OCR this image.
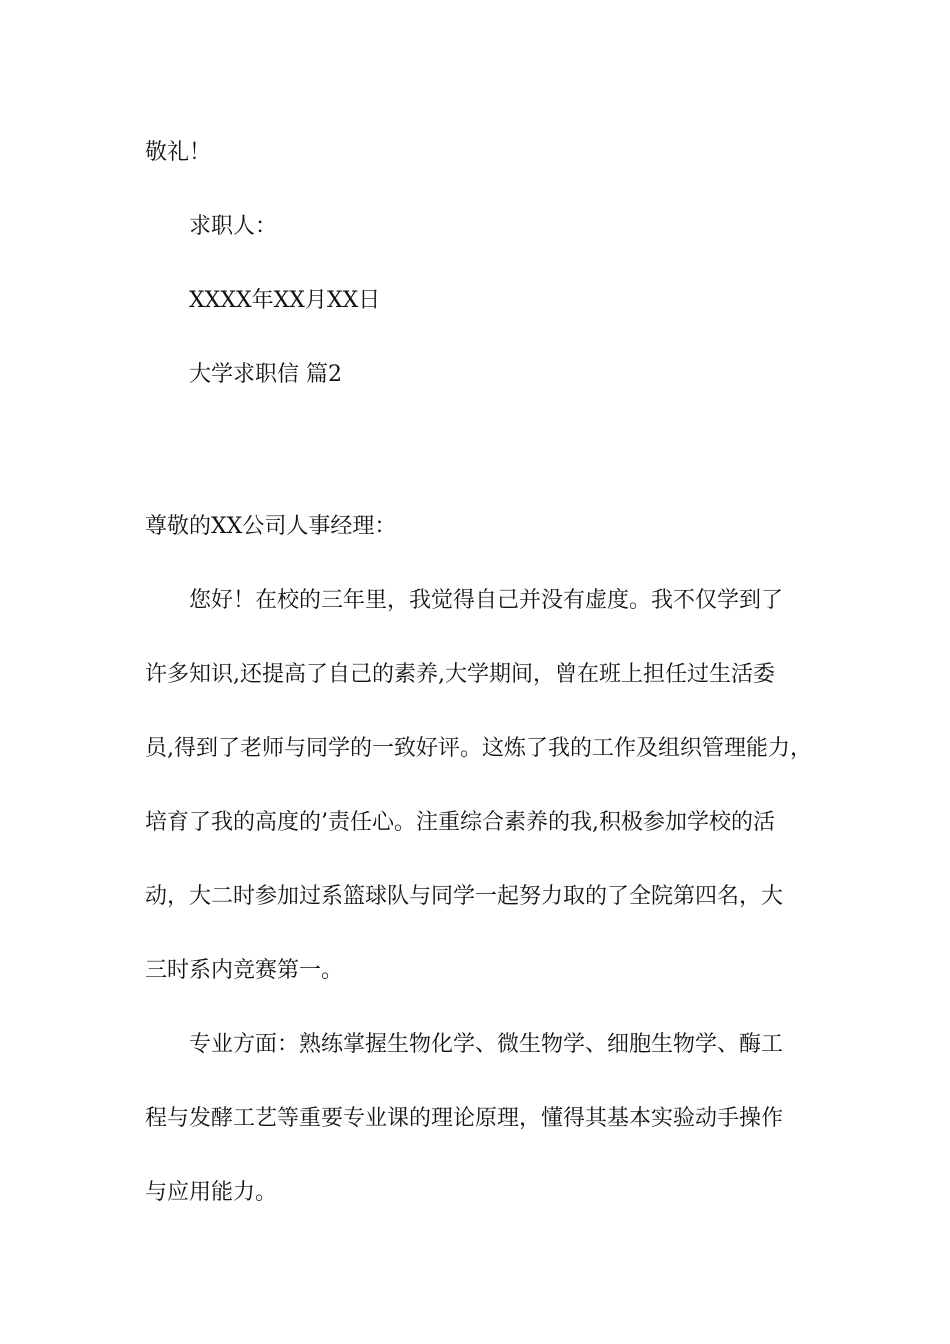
敬礼！
求职人：
XXXX年XX月XX日
大学求职信 篇2
尊敬的XX公司人事经理：
您好！在校的三年里，我觉得自己并没有虚度。我不仅学到了
许多知识,还提高了自己的素养,大学期间，曾在班上担任过生活委
员,得到了老师与同学的一致好评。这炼了我的工作及组织管理能力，
培育了我的高度的’责任心。注重综合素养的我,积极参加学校的活
动，大二时参加过系篮球队与同学一起努力取的了全院第四名，大
三时系内竞赛第一。
专业方面：熟练掌握生物化学、微生物学、细胞生物学、酶工
程与发酵工艺等重要专业课的理论原理，懂得其基本实验动手操作
与应用能力。
